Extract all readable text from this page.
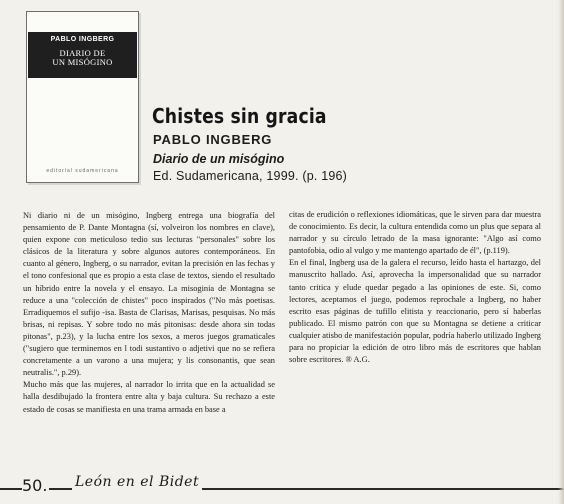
PABLO INGBERG
DIARIO DE
UN MISÓGINO
editorial sudamericana
Chistes sin gracia
PABLO INGBERG
Diario de un misógino
Ed. Sudamericana, 1999. (p. 196)

Ni diario ni de un misógino, Ingberg entrega una biografía del pensamiento de P. Dante Montagna (sí, volveiron los nombres en clave), quien expone con meticuloso tedio sus lecturas "personales" sobre los clásicos de la literatura y sobre algunos autores contemporáneos. En cuanto al género, Ingberg, o su narrador, evitan la precisión en las fechas y el tono confesional que es propio a esta clase de textos, siendo el resultado un híbrido entre la novela y el ensayo. La misoginia de Montagna se reduce a una "colección de chistes" poco inspirados ("No más poetisas. Erradiquemos el sufijo -isa. Basta de Clarisas, Marisas, pesquisas. No más brisas, ni repisas. Y sobre todo no más pitonisas: desde ahora sin todas pitonas", p.23), y la lucha entre los sexos, a meros juegos gramaticales ("sugiero que terminemos en l todi sustantivo o adjetivi que no se refiera concretamente a un varono a una mujera; y lis consonantis, que sean neutralis.", p.29).

Mucho más que las mujeres, al narrador lo irrita que en la actualidad se halla desdibujado la frontera entre alta y baja cultura. Su rechazo a este estado de cosas se manifiesta en una trama armada en base a

citas de erudición o reflexiones idiomáticas, que le sirven para dar muestra de conocimiento. Es decir, la cultura entendida como un plus que separa al narrador y su círculo letrado de la masa ignorante: "Algo así como pantofobia, odio al vulgo y me mantengo apartado de él", (p.119).

En el final, Ingberg usa de la galera el recurso, leído hasta el hartazgo, del manuscrito hallado. Así, aprovecha la impersonalidad que su narrador tanto critica y elude quedar pegado a las opiniones de este. Si, como lectores, aceptamos el juego, podemos reprochale a Ingberg, no haber escrito esas páginas de tufillo elitista y reaccionario, pero sí haberlas publicado. El mismo patrón con que su Montagna se detiene a criticar cualquier atisbo de manifestación popular, podría haberlo utilizado Ingberg para no propiciar la edición de otro libro más de escritores que hablan sobre escritores. ® A.G.

50. León en el Bidet
